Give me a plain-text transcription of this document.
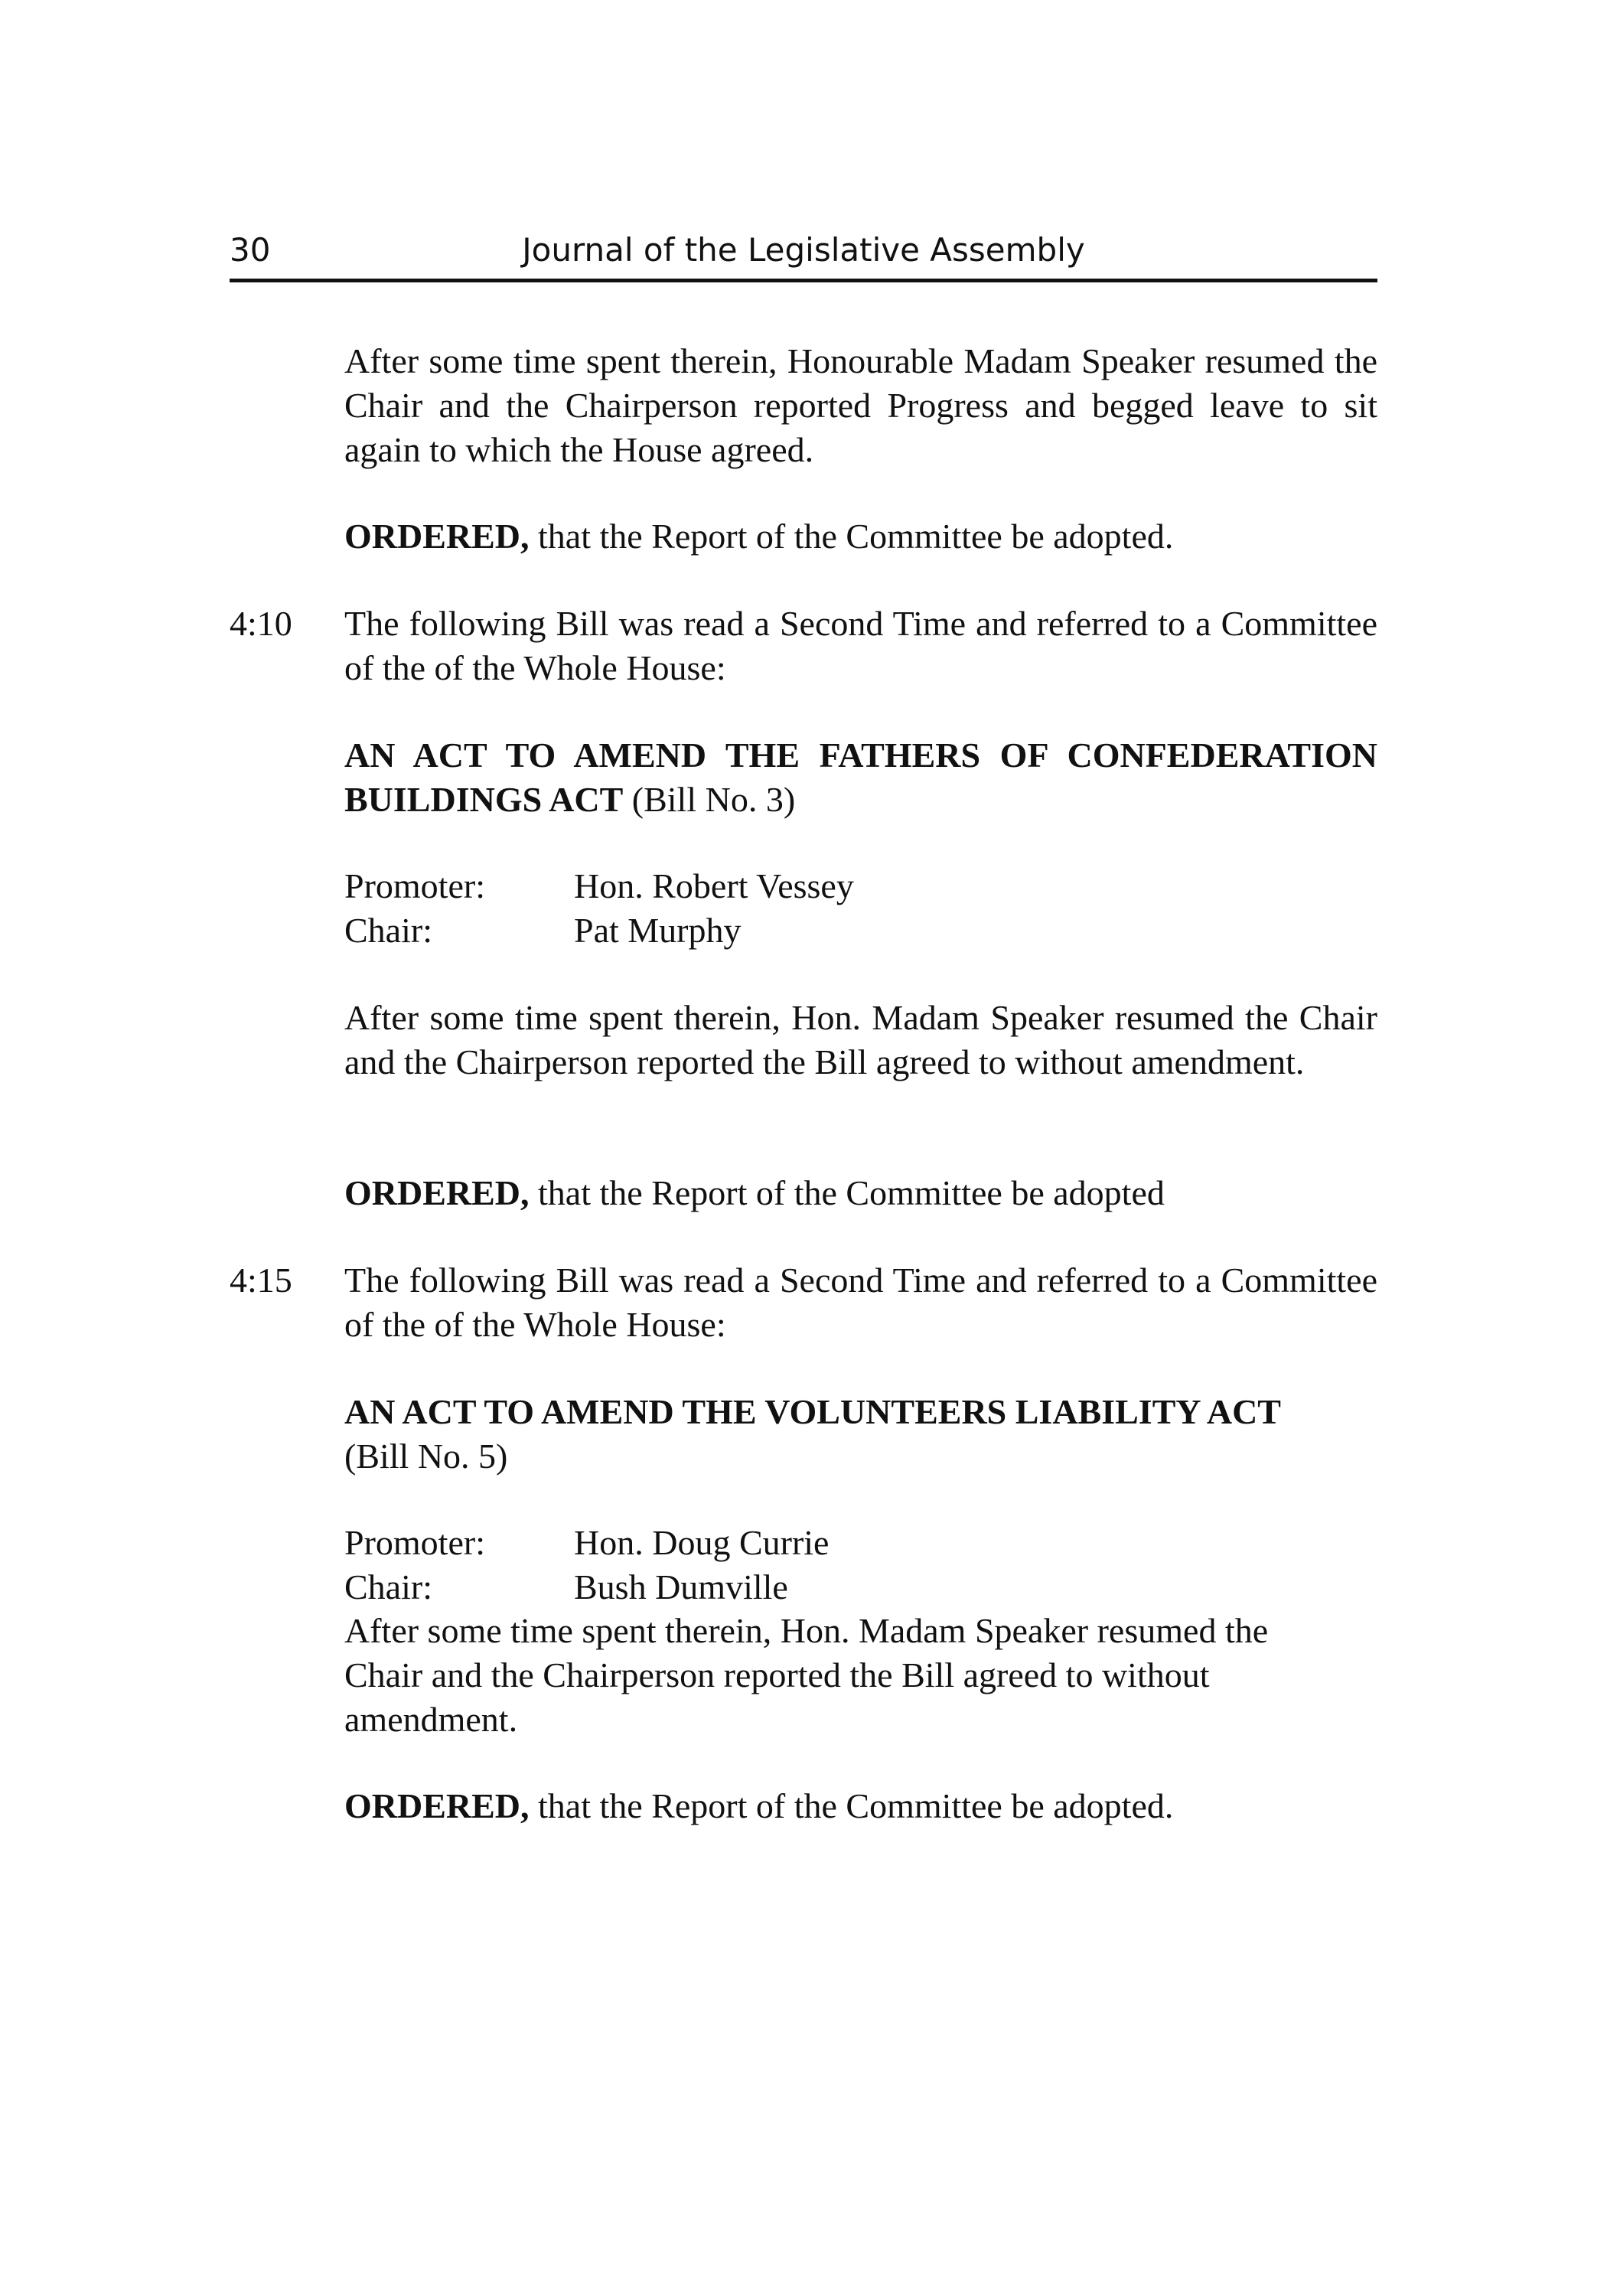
30	Journal of the Legislative Assembly

After some time spent therein, Honourable Madam Speaker resumed the Chair and the Chairperson reported Progress and begged leave to sit again to which the House agreed.

ORDERED, that the Report of the Committee be adopted.

4:10 The following Bill was read a Second Time and referred to a Committee of the of the Whole House:

AN ACT TO AMEND THE FATHERS OF CONFEDERATION BUILDINGS ACT (Bill No. 3)

Promoter:	Hon. Robert Vessey
Chair:	Pat Murphy

After some time spent therein, Hon. Madam Speaker resumed the Chair and the Chairperson reported the Bill agreed to without amendment.

ORDERED, that the Report of the Committee be adopted

4:15 The following Bill was read a Second Time and referred to a Committee of the of the Whole House:

AN ACT TO AMEND THE VOLUNTEERS LIABILITY ACT
(Bill No. 5)

Promoter:	Hon. Doug Currie
Chair:	Bush Dumville

After some time spent therein, Hon. Madam Speaker resumed the
Chair and the Chairperson reported the Bill agreed to without
amendment.

ORDERED, that the Report of the Committee be adopted.
